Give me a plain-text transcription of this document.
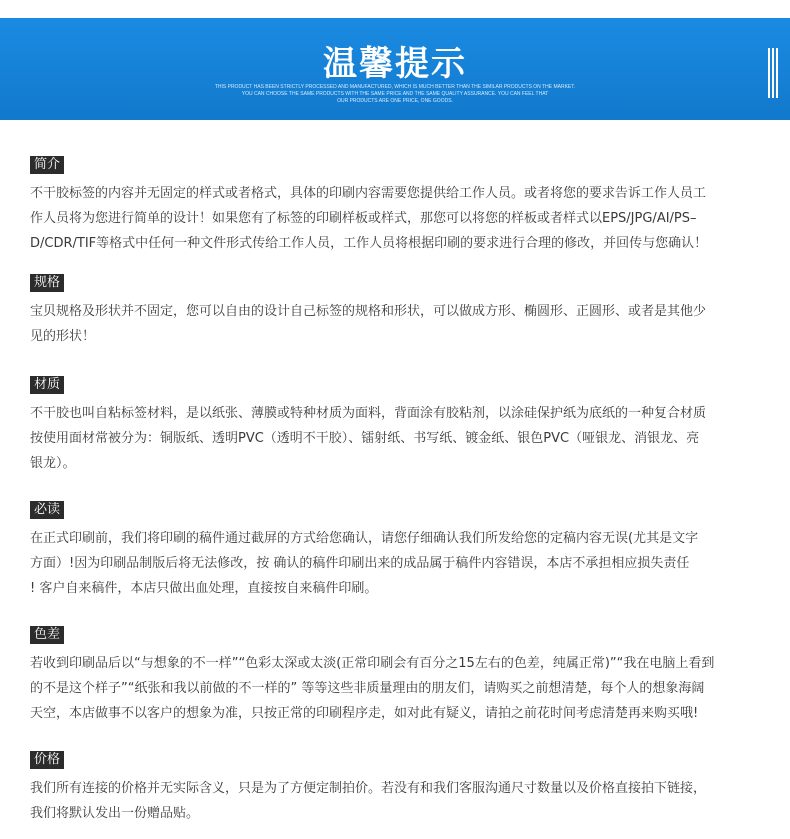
温馨提示
THIS PRODUCT HAS BEEN STRICTLY PROCESSED AND MANUFACTURED, WHICH IS MUCH BETTER THAN THE SIMILAR PRODUCTS ON THE MARKET.
YOU CAN CHOOSE THE SAME PRODUCTS WITH THE SAME PRICE AND THE SAME QUALITY ASSURANCE. YOU CAN FEEL THAT
OUR PRODUCTS ARE ONE PRICE, ONE GOODS.
简介

不干胶标签的内容并无固定的样式或者格式，具体的印刷内容需要您提供给工作人员。或者将您的要求告诉工作人员工
作人员将为您进行简单的设计！如果您有了标签的印刷样板或样式，那您可以将您的样板或者样式以EPS/JPG/AI/PS–
D/CDR/TIF等格式中任何一种文件形式传给工作人员，工作人员将根据印刷的要求进行合理的修改，并回传与您确认！

规格

宝贝规格及形状并不固定，您可以自由的设计自己标签的规格和形状，可以做成方形、椭圆形、正圆形、或者是其他少
见的形状！

材质

不干胶也叫自粘标签材料，是以纸张、薄膜或特种材质为面料，背面涂有胶粘剂，以涂硅保护纸为底纸的一种复合材质
按使用面材常被分为：铜版纸、透明PVC（透明不干胶）、镭射纸、书写纸、镀金纸、银色PVC（哑银龙、消银龙、亮
银龙）。

必读

在正式印刷前，我们将印刷的稿件通过截屏的方式给您确认，请您仔细确认我们所发给您的定稿内容无误(尤其是文字
方面）!因为印刷品制版后将无法修改，按 确认的稿件印刷出来的成品属于稿件内容错误，本店不承担相应损失责任
! 客户自来稿件，本店只做出血处理，直接按自来稿件印刷。

色差

若收到印刷品后以“与想象的不一样”“色彩太深或太淡(正常印刷会有百分之15左右的色差，纯属正常)”“我在电脑上看到
的不是这个样子”“纸张和我以前做的不一样的” 等等这些非质量理由的朋友们，请购买之前想清楚，每个人的想象海阔
天空，本店做事不以客户的想象为准，只按正常的印刷程序走，如对此有疑义，请拍之前花时间考虑清楚再来购买哦!

价格

我们所有连接的价格并无实际含义，只是为了方便定制拍价。若没有和我们客服沟通尺寸数量以及价格直接拍下链接，
我们将默认发出一份赠品贴。
